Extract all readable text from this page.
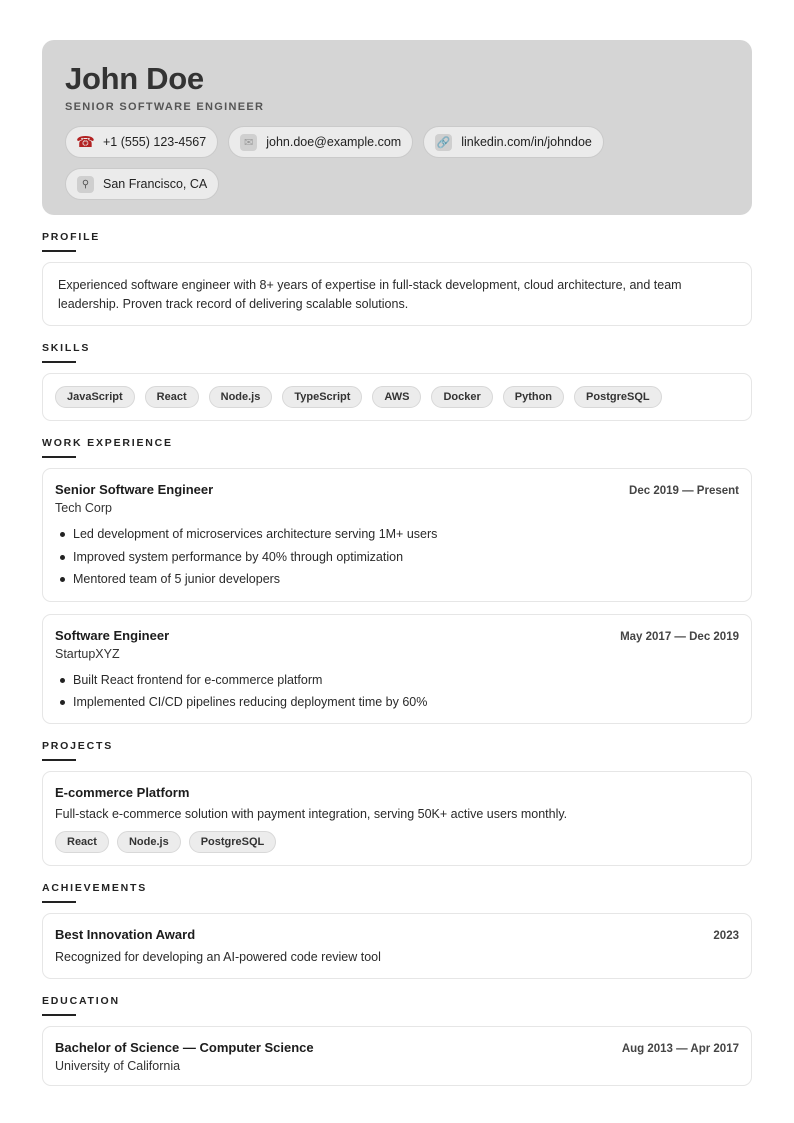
John Doe
SENIOR SOFTWARE ENGINEER
☎ +1 (555) 123-4567	✉	john.doe@example.com	🔗 linkedin.com/in/johndoe
⚲	San Francisco, CA
PROFILE
Experienced software engineer with 8+ years of expertise in full-stack development, cloud architecture, and team leadership. Proven track record of delivering scalable solutions.
SKILLS
JavaScript	React	Node.js	TypeScript	AWS	Docker	Python	PostgreSQL
WORK EXPERIENCE
Senior Software Engineer	Dec 2019 — Present
Tech Corp
Led development of microservices architecture serving 1M+ users
Improved system performance by 40% through optimization
Mentored team of 5 junior developers
Software Engineer	May 2017 — Dec 2019
StartupXYZ
Built React frontend for e-commerce platform
Implemented CI/CD pipelines reducing deployment time by 60%
PROJECTS
E-commerce Platform
Full-stack e-commerce solution with payment integration, serving 50K+ active users monthly.
React	Node.js	PostgreSQL
ACHIEVEMENTS
Best Innovation Award	2023
Recognized for developing an AI-powered code review tool
EDUCATION
Bachelor of Science — Computer Science	Aug 2013 — Apr 2017
University of California
